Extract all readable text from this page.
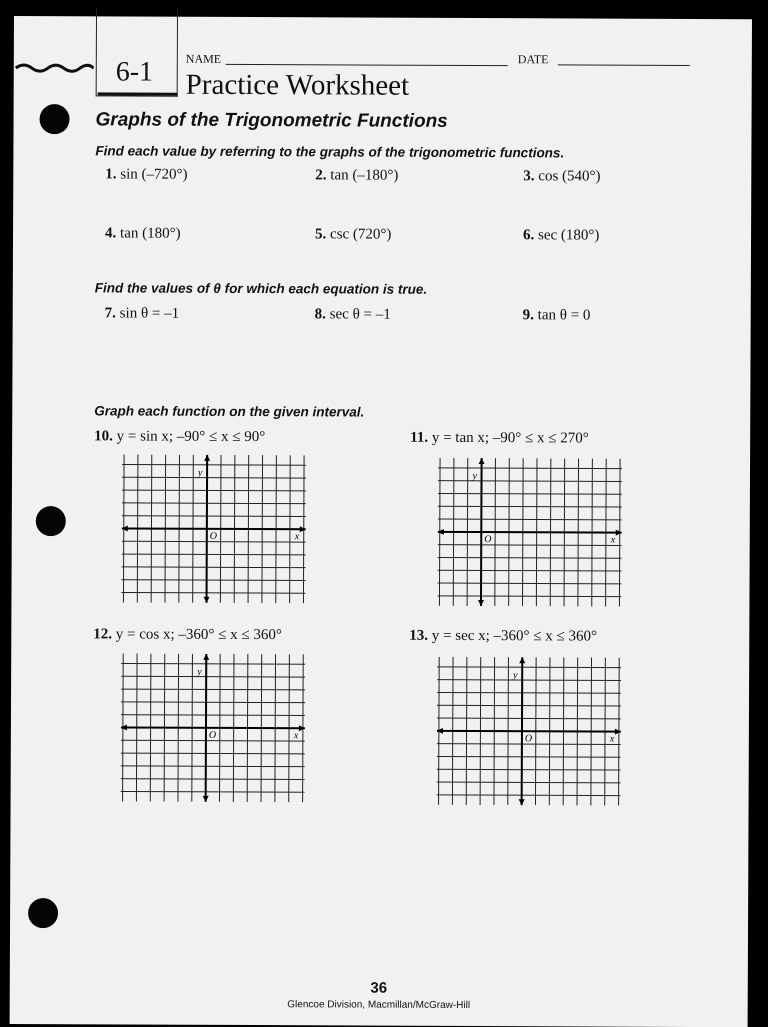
6-1	NAME	DATE
Practice Worksheet
Graphs of the Trigonometric Functions
Find each value by referring to the graphs of the trigonometric functions.
1. sin (–720°)	2. tan (–180°)	3. cos (540°)
4. tan (180°)	5. csc (720°)	6. sec (180°)
Find the values of θ for which each equation is true.
7. sin θ = –1	8. sec θ = –1	9. tan θ = 0
Graph each function on the given interval.
10. y = sin x; –90° ≤ x ≤ 90°	11. y = tan x; –90° ≤ x ≤ 270°
12. y = cos x; –360° ≤ x ≤ 360°	13. y = sec x; –360° ≤ x ≤ 360°
y
x
O
y
x
O
y
x
O
y
x
O
36
Glencoe Division, Macmillan/McGraw-Hill
